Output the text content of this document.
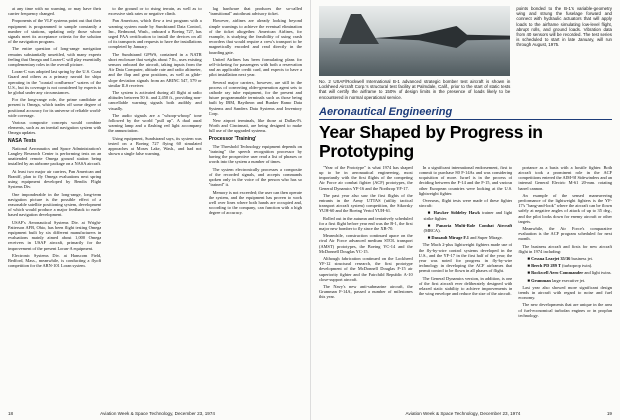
at any time with no warning, or may have their carrier frequency changed.

Proponents of the VLF systems point out that their equipment is programmed to sample constantly a number of stations, updating only those whose signals meet its acceptance criteria for the solution of the navigation program.

The entire question of long-range navigation remains substantially unsettled, with many experts feeling that Omega and Loran-C will play essentially complementary roles in the overall picture.

Loran-C was adopted last spring by the U.S. Coast Guard and others as a primary navaid for ships operating in the "coastal confluence" waters of the U.S., but its coverage is not considered by experts to be global under any circumstances.

For the long-range role, the prime candidate at present is Omega, which trades off some degree of positional accuracy for its universe of reliable world-wide coverage.

Various composite concepts would combine elements, such as an inertial navigation system with Omega updates.

NASA Tests

National Aeronautics and Space Administration's Langley Research Center is performing tests on an unattended remote Omega ground station being installed by an airborne package on a NASA aircraft.

At least two major air carriers, Pan American and Braniff, plan to fly Omega evaluations next spring using equipment developed by Bendix Flight Systems Div.

One imponderable in the long-range, long-term navigation picture is the possible effect of a reasonable satellite positioning system, development of which would produce a major feedback to earth-based navigation development.

USAF's Aeronautical Systems Div. at Wright-Patterson AFB, Ohio, has been flight testing Omega equipment built by six different manufacturers in evaluations mainly aimed about 1,000 Omega receivers in USAF aircraft, primarily for the improvement of the present Loran-A equipment.

Electronic Systems Div. at Hanscom Field, Bedford, Mass., meanwhile, is conducting a flyoff competition for the ARN-101 Loran system.

to the ground or to rising terrain, as well as to excessive sink rates or negative climb.

Pan American, which flew a test program with a warning system made by Sundstrand Data Control, Inc., Redmond, Wash., onboard a Boeing 727, has urged FAA certification to install the devices on all of its transports and requests to have the installations completed by January.

The Sundstrand GPWS, contained in a NATR short enclosure that weighs about 7 lb., uses existing sensors onboard the aircraft, taking inputs from the Air Data Computer, altitude rate and radio altimeter, and the flap and gear positions, as well as glide-slope deviation signals from an ARINC 547, 579 or similar ILS receiver.

The system is activated during all flight at radio altitudes between 50 ft. and 2,450 ft., providing non-cancellable warning signals both audibly and visually.

The audio signals are a "whoop-whoop" tone followed by the world "pull up". A dual aural warning lamp and a flashing red light accompany the annunciation.

Using equipment, Sundstrand says, its system was tested on a Boeing 727 flying 60 simulated approaches at Moses Lake, Wash., and had not shown a single false warning.

lag hardware that produces the so-called "transitional" autothrust advisory ticket.

However, airlines are already looking beyond simple warnings to achieve the eventual elimination of the ticket altogether. American Airlines, for example, is studying the feasibility of using crash recorders that would require a crew's transport to be magnetically encoded and read directly in the boarding gate.

United Airlines has been formulating plans for self-ticketing for passengers with both a reservation and an applicable credit card, and expects to have a pilot installation next year.

Several major carriers, however, are still in the process of converting older-generation agent sets to cathode ray tube equipment, for the present and future programmable terminals such as those being built by IBM, Raytheon and Bunker Ramo Data Systems and Sanders Data Systems and Inventory Corp.

New airport terminals, like those at Dallas-Ft. Worth and Cincinnati, are being designed to make full use of the upgraded systems.

Processor 'Training'

The Threshold Technology equipment depends on "training" the speech recognition processor by having the prospective user read a list of phrases or words into the system a number of times.

The system electronically processes a composite of the recorded signals, and accepts commands spoken only in the voice of the person who has so "trained" it.

Memory is not exceeded; the user can then operate the system, and the equipment has proven to work well over lines where both hands are occupied and, according to the company, can function with a high degree of accuracy.

18	Aviation Week & Space Technology, December 23, 1974
No. 2 USAF/Rockwell International B-1 advanced strategic bomber test aircraft is shown in Lockheed Aircraft Corp.'s structural test facility at Palmdale, Calif., prior to the start of static tests that will certify the airframe to 150% of design limits in the presence of loads likely to be encountered in normal operational service.
points bonded to the B-1's variable-geometry wing and strung the fuselage forward and connect with hydraulic actuators that will apply loads to the airframe simulating low-level flight, abrupt rolls, and ground loads. Vibration data from 40 sensors will be recorded. The test series is scheduled to start in late January, will run through August, 1975.
Aeronautical Engineering
Year Shaped by Progress in Prototyping

"Year of the Prototype" is what 1974 has shaped up to be in aeronautical engineering, most importantly with the first flights of the competing Air Force air combat fighter (ACF) prototypes, the General Dynamics YF-16 and the Northrop YF-17.

The past year also saw the first flights of the entrants in the Army UTTAS (utility tactical transport aircraft system) competition, the Sikorsky YUH-60 and the Boeing Vertol YUH-61.

Rolled out in the autumn and tentatively scheduled for a first flight before year end was the B-1, the first major new bomber to fly since the XB-70.

Meanwhile, construction continued apace on the rival Air Force advanced medium STOL transport (AMST) prototypes, the Boeing YC-14 and the McDonnell Douglas YC-15.

Although fabrication continued on the Lockheed YF-12 structural research, the first prototype development of the McDonnell Douglas F-15 air superiority fighter and the Fairchild Republic A-10 close-support aircraft.

The Navy's new anti-submarine aircraft, the Grumman F-14A, passed a number of milestones this year.

In a significant international endorsement, first to commit to purchase 80 F-14As and was considering acquisition of more. Israel is in the process of deciding between the F-14 and the F-15, and various other European countries were looking at the U.S. lightweight fighter.

Overseas, flight tests were made of these fighter aircraft:

■ Hawker Siddeley Hawk trainer and light strike fighter.

■ Panavia Multi-Role Combat Aircraft (MRCA).

■ Dassault Mirage F.1 and Super Mirage.

The Mach 2-plus lightweight fighters made use of the fly-by-wire control systems developed in the U.S., and the YF-17 in the first half of the year; the year was noted for progress in fly-by-wire technology in developing the ACF airframes that permit control to be flown in all phases of flight.

The General Dynamics version, in addition, is one of the first aircraft ever deliberately designed with relaxed static stability to achieve improvements in the wing envelope and reduce the size of the aircraft.

portance as a basis with a hostile fighter. Both aircraft took a prominent role in the ACF competitions entered the AIM-9J Sidewinders and an internal General Electric M-61 20-mm. rotating barrel cannon.

An example of the sensed maneuvering performance of the lightweight fighters is the YF-17's "bang-and-look" where the aircraft can be flown safely at negative angles of attack of up to 35 deg., and the pilot looks down for enemy aircraft or other targets.

Meanwhile, the Air Force's comparative evaluation is the ACF program scheduled for next month.

The business aircraft and firsts for new aircraft flight in 1974 including:

■ Cessna Learjet 35/36 business jet.

■ Beech PD 289 T (turboprop twin).

■ Rockwell Aero Commander and light twins.

■ Grumman large executive jet.

Last year also showed more significant design trends in aircraft with regard to noise and fuel economy.

The new developments that are unique in the area of fuel-economical turbofan engines or in propfan technology.

Aviation Week & Space Technology, December 23, 1974	19
